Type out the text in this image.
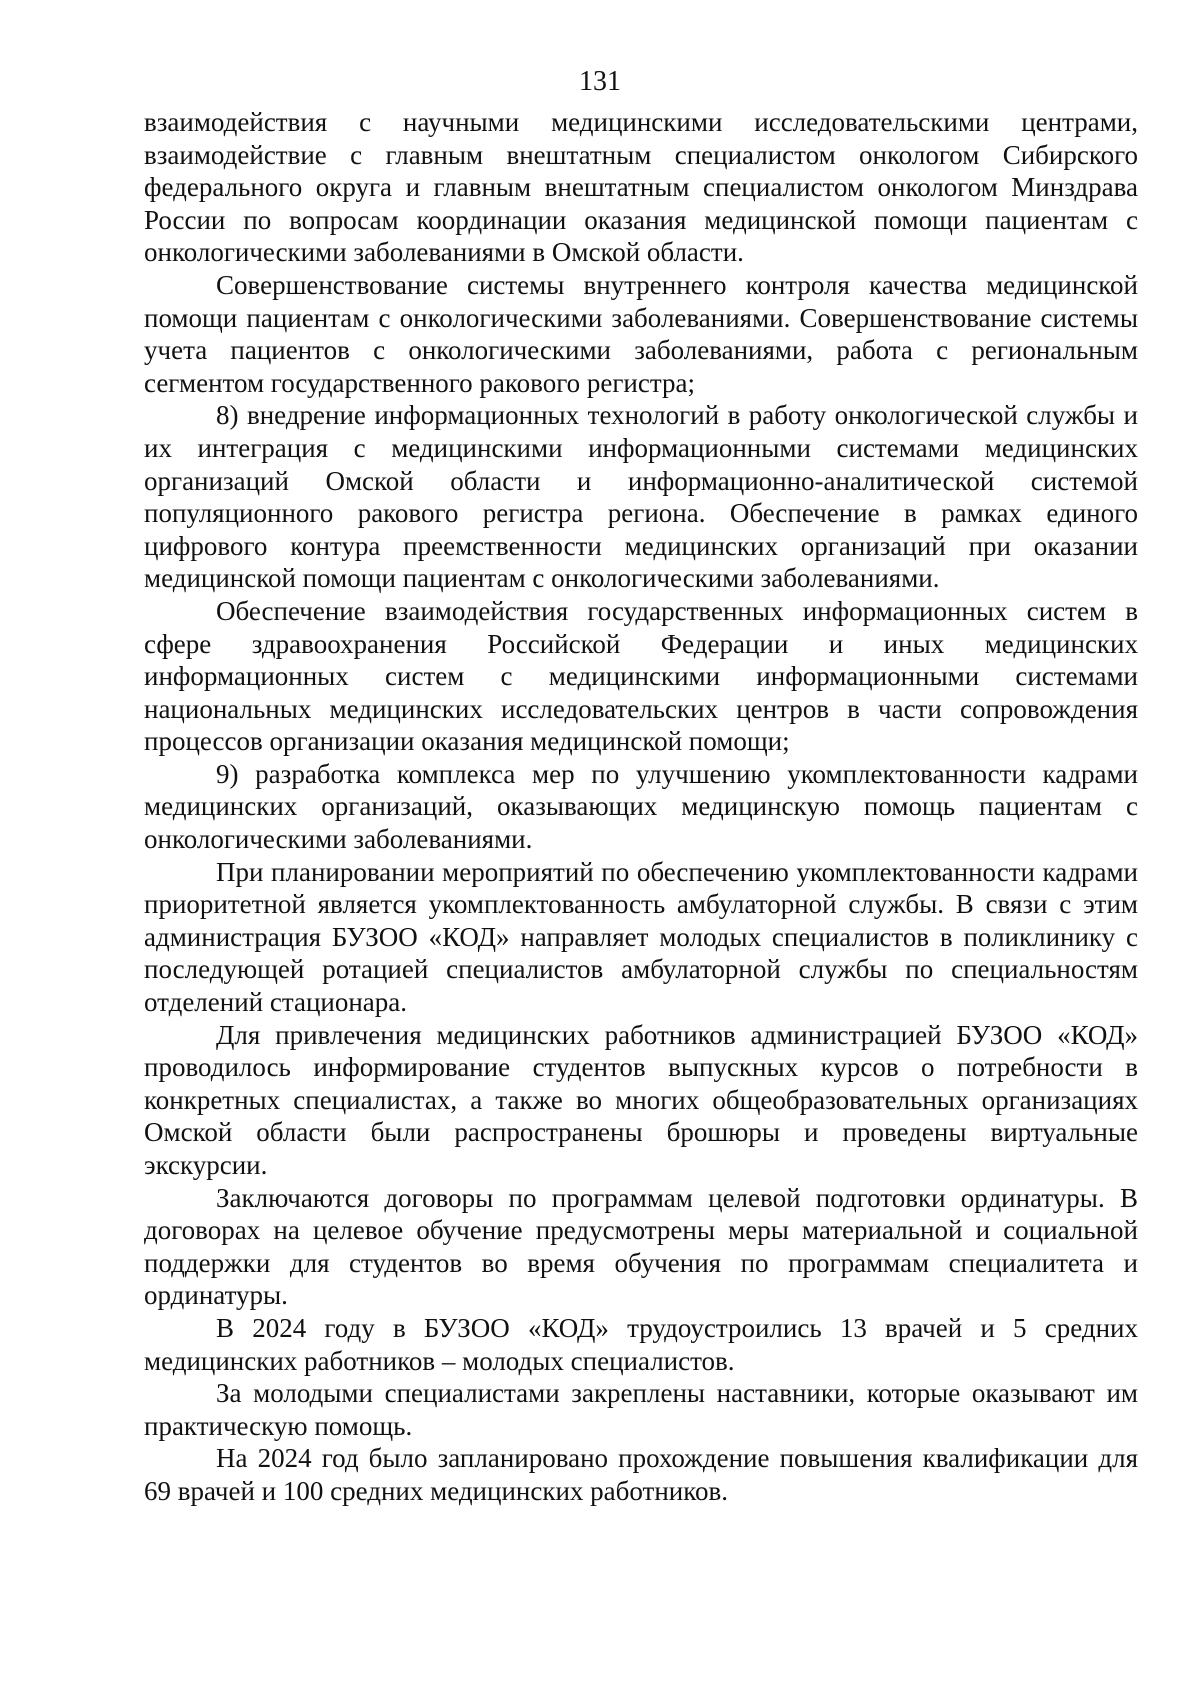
131

взаимодействия с научными медицинскими исследовательскими центрами, взаимодействие с главным внештатным специалистом онкологом Сибирского федерального округа и главным внештатным специалистом онкологом Минздрава России по вопросам координации оказания медицинской помощи пациентам с онкологическими заболеваниями в Омской области.

Совершенствование системы внутреннего контроля качества медицинской помощи пациентам с онкологическими заболеваниями. Совершенствование системы учета пациентов с онкологическими заболеваниями, работа с региональным сегментом государственного ракового регистра;

8) внедрение информационных технологий в работу онкологической службы и их интеграция с медицинскими информационными системами медицинских организаций Омской области и информационно-аналитической системой популяционного ракового регистра региона. Обеспечение в рамках единого цифрового контура преемственности медицинских организаций при оказании медицинской помощи пациентам с онкологическими заболеваниями.

Обеспечение взаимодействия государственных информационных систем в сфере здравоохранения Российской Федерации и иных медицинских информационных систем с медицинскими информационными системами национальных медицинских исследовательских центров в части сопровождения процессов организации оказания медицинской помощи;

9) разработка комплекса мер по улучшению укомплектованности кадрами медицинских организаций, оказывающих медицинскую помощь пациентам с онкологическими заболеваниями.

При планировании мероприятий по обеспечению укомплектованности кадрами приоритетной является укомплектованность амбулаторной службы. В связи с этим администрация БУЗОО «КОД» направляет молодых специалистов в поликлинику с последующей ротацией специалистов амбулаторной службы по специальностям отделений стационара.

Для привлечения медицинских работников администрацией БУЗОО «КОД» проводилось информирование студентов выпускных курсов о потребности в конкретных специалистах, а также во многих общеобразовательных организациях Омской области были распространены брошюры и проведены виртуальные экскурсии.

Заключаются договоры по программам целевой подготовки ординатуры. В договорах на целевое обучение предусмотрены меры материальной и социальной поддержки для студентов во время обучения по программам специалитета и ординатуры.

В 2024 году в БУЗОО «КОД» трудоустроились 13 врачей и 5 средних медицинских работников – молодых специалистов.

За молодыми специалистами закреплены наставники, которые оказывают им практическую помощь.

На 2024 год было запланировано прохождение повышения квалификации для 69 врачей и 100 средних медицинских работников.
